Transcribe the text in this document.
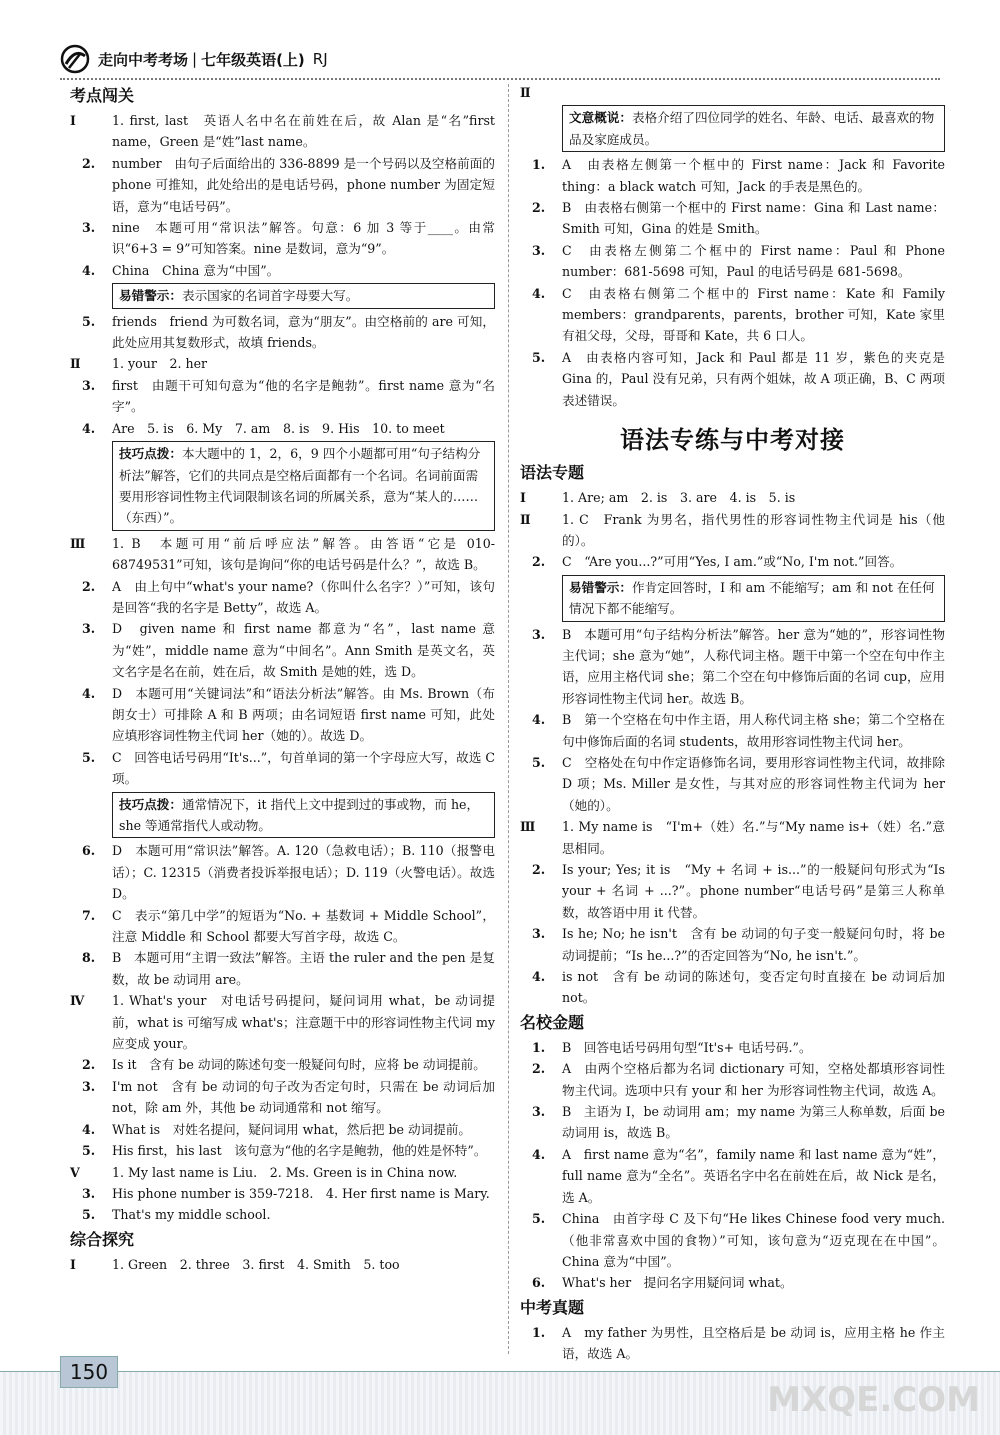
走向中考考场 | 七年级英语(上) RJ
考点闯关
Ⅰ	1. first, last　英语人名中名在前姓在后，故 Alan 是“名”first name，Green 是“姓”last name。
2.	number　由句子后面给出的 336-8899 是一个号码以及空格前面的 phone 可推知，此处给出的是电话号码，phone number 为固定短语，意为“电话号码”。
3.	nine　本题可用“常识法”解答。句意：6 加 3 等于____。由常识“6+3 = 9”可知答案。nine 是数词，意为“9”。
4.	China　China 意为“中国”。
易错警示：表示国家的名词首字母要大写。
5.	friends　friend 为可数名词，意为“朋友”。由空格前的 are 可知，此处应用其复数形式，故填 friends。
Ⅱ	1. your　2. her
3.	first　由题干可知句意为“他的名字是鲍勃”。first name 意为“名字”。
4.	Are　5. is　6. My　7. am　8. is　9. His　10. to meet
技巧点拨：本大题中的 1，2，6，9 四个小题都可用“句子结构分析法”解答，它们的共同点是空格后面都有一个名词。名词前面需要用形容词性物主代词限制该名词的所属关系，意为“某人的……（东西）”。
Ⅲ	1. B　本题可用“前后呼应法”解答。由答语“它是 010-68749531”可知，该句是询问“你的电话号码是什么？”，故选 B。
2.	A　由上句中“what's your name?（你叫什么名字？）”可知，该句是回答“我的名字是 Betty”，故选 A。
3.	D　given name 和 first name 都意为“名”，last name 意为“姓”，middle name 意为“中间名”。Ann Smith 是英文名，英文名字是名在前，姓在后，故 Smith 是她的姓，选 D。
4.	D　本题可用“关键词法”和“语法分析法”解答。由 Ms. Brown（布朗女士）可排除 A 和 B 两项；由名词短语 first name 可知，此处应填形容词性物主代词 her（她的）。故选 D。
5.	C　回答电话号码用“It's...”，句首单词的第一个字母应大写，故选 C 项。
技巧点拨：通常情况下，it 指代上文中提到过的事或物，而 he，she 等通常指代人或动物。
6.	D　本题可用“常识法”解答。A. 120（急救电话）；B. 110（报警电话）；C. 12315（消费者投诉举报电话）；D. 119（火警电话）。故选 D。
7.	C　表示“第几中学”的短语为“No. + 基数词 + Middle School”，注意 Middle 和 School 都要大写首字母，故选 C。
8.	B　本题可用“主谓一致法”解答。主语 the ruler and the pen 是复数，故 be 动词用 are。
Ⅳ	1. What's your　对电话号码提问，疑问词用 what，be 动词提前，what is 可缩写成 what's；注意题干中的形容词性物主代词 my 应变成 your。
2.	Is it　含有 be 动词的陈述句变一般疑问句时，应将 be 动词提前。
3.	I'm not　含有 be 动词的句子改为否定句时，只需在 be 动词后加 not，除 am 外，其他 be 动词通常和 not 缩写。
4.	What is　对姓名提问，疑问词用 what，然后把 be 动词提前。
5.	His first，his last　该句意为“他的名字是鲍勃，他的姓是怀特”。
Ⅴ	1. My last name is Liu.　2. Ms. Green is in China now.
3.	His phone number is 359-7218.　4. Her first name is Mary.
5.	That's my middle school.
综合探究
Ⅰ	1. Green　2. three　3. first　4. Smith　5. too
Ⅱ
文意概说：表格介绍了四位同学的姓名、年龄、电话、最喜欢的物品及家庭成员。
1.	A　由表格左侧第一个框中的 First name：Jack 和 Favorite thing：a black watch 可知，Jack 的手表是黑色的。
2.	B　由表格右侧第一个框中的 First name：Gina 和 Last name：Smith 可知，Gina 的姓是 Smith。
3.	C　由表格左侧第二个框中的 First name：Paul 和 Phone number：681-5698 可知，Paul 的电话号码是 681-5698。
4.	C　由表格右侧第二个框中的 First name：Kate 和 Family members：grandparents，parents，brother 可知，Kate 家里有祖父母，父母，哥哥和 Kate，共 6 口人。
5.	A　由表格内容可知，Jack 和 Paul 都是 11 岁，紫色的夹克是 Gina 的，Paul 没有兄弟，只有两个姐妹，故 A 项正确，B、C 两项表述错误。
语法专练与中考对接
语法专题
Ⅰ	1. Are; am　2. is　3. are　4. is　5. is
Ⅱ	1. C　Frank 为男名，指代男性的形容词性物主代词是 his（他的）。
2.	C　“Are you...?”可用“Yes, I am.”或“No, I'm not.”回答。
易错警示：作肯定回答时，I 和 am 不能缩写；am 和 not 在任何情况下都不能缩写。
3.	B　本题可用“句子结构分析法”解答。her 意为“她的”，形容词性物主代词；she 意为“她”，人称代词主格。题干中第一个空在句中作主语，应用主格代词 she；第二个空在句中修饰后面的名词 cup，应用形容词性物主代词 her。故选 B。
4.	B　第一个空格在句中作主语，用人称代词主格 she；第二个空格在句中修饰后面的名词 students，故用形容词性物主代词 her。
5.	C　空格处在句中作定语修饰名词，要用形容词性物主代词，故排除 D 项；Ms. Miller 是女性，与其对应的形容词性物主代词为 her（她的）。
Ⅲ	1. My name is　“I'm+（姓）名.”与“My name is+（姓）名.”意思相同。
2.	Is your; Yes; it is　“My + 名词 + is...”的一般疑问句形式为“Is your + 名词 + ...?”。phone number“电话号码”是第三人称单数，故答语中用 it 代替。
3.	Is he; No; he isn't　含有 be 动词的句子变一般疑问句时，将 be 动词提前；“Is he...?”的否定回答为“No, he isn't.”。
4.	is not　含有 be 动词的陈述句，变否定句时直接在 be 动词后加 not。
名校金题
1.	B　回答电话号码用句型“It's+ 电话号码.”。
2.	A　由两个空格后都为名词 dictionary 可知，空格处都填形容词性物主代词。选项中只有 your 和 her 为形容词性物主代词，故选 A。
3.	B　主语为 I，be 动词用 am；my name 为第三人称单数，后面 be 动词用 is，故选 B。
4.	A　first name 意为“名”，family name 和 last name 意为“姓”，full name 意为“全名”。英语名字中名在前姓在后，故 Nick 是名，选 A。
5.	China　由首字母 C 及下句“He likes Chinese food very much.（他非常喜欢中国的食物）”可知，该句意为“迈克现在在中国”。China 意为“中国”。
6.	What's her　提问名字用疑问词 what。
中考真题
1.	A　my father 为男性，且空格后是 be 动词 is，应用主格 he 作主语，故选 A。
150
MXQE.COM
